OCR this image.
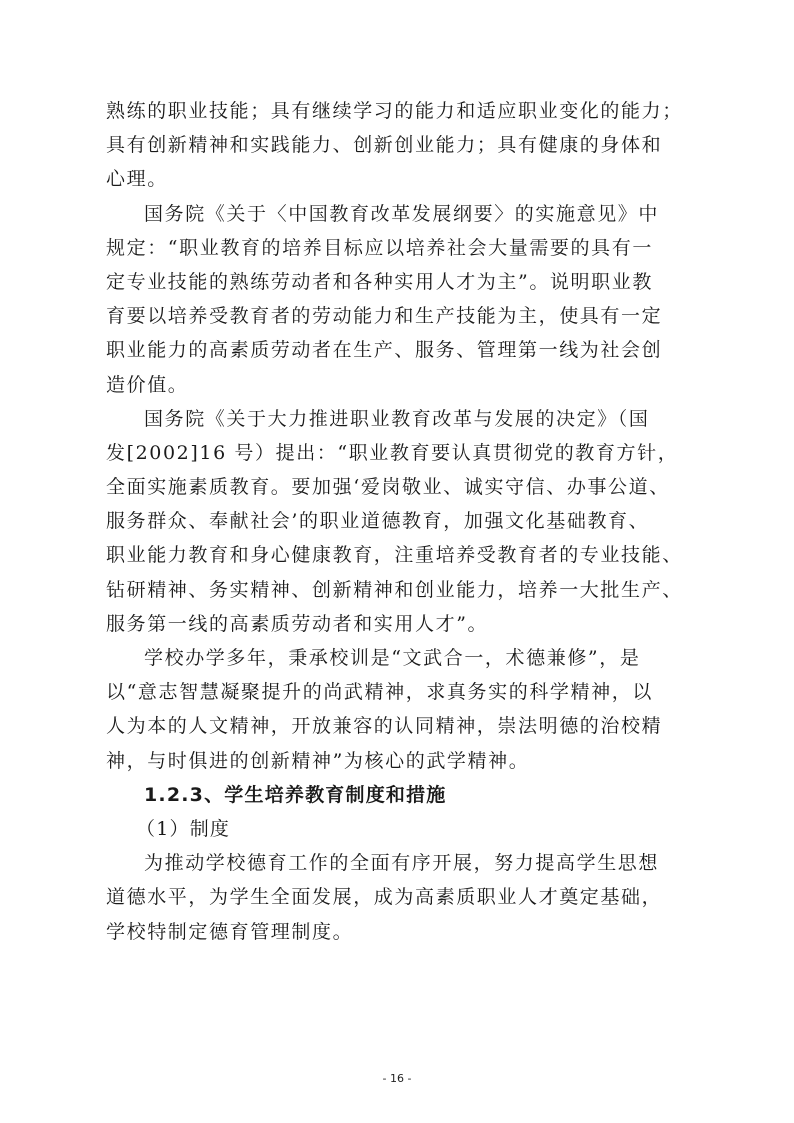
熟练的职业技能；具有继续学习的能力和适应职业变化的能力；
具有创新精神和实践能力、创新创业能力；具有健康的身体和
心理。
国务院《关于〈中国教育改革发展纲要〉的实施意见》中
规定：“职业教育的培养目标应以培养社会大量需要的具有一
定专业技能的熟练劳动者和各种实用人才为主”。说明职业教
育要以培养受教育者的劳动能力和生产技能为主，使具有一定
职业能力的高素质劳动者在生产、服务、管理第一线为社会创
造价值。
国务院《关于大力推进职业教育改革与发展的决定》（国
发[2002]16 号）提出：“职业教育要认真贯彻党的教育方针，
全面实施素质教育。要加强‘爱岗敬业、诚实守信、办事公道、
服务群众、奉献社会’的职业道德教育，加强文化基础教育、
职业能力教育和身心健康教育，注重培养受教育者的专业技能、
钻研精神、务实精神、创新精神和创业能力，培养一大批生产、
服务第一线的高素质劳动者和实用人才”。
学校办学多年，秉承校训是“文武合一，术德兼修”，是
以“意志智慧凝聚提升的尚武精神，求真务实的科学精神，以
人为本的人文精神，开放兼容的认同精神，崇法明德的治校精
神，与时俱进的创新精神”为核心的武学精神。
1.2.3、学生培养教育制度和措施
（1）制度
为推动学校德育工作的全面有序开展，努力提高学生思想
道德水平，为学生全面发展，成为高素质职业人才奠定基础，
学校特制定德育管理制度。
- 16 -
